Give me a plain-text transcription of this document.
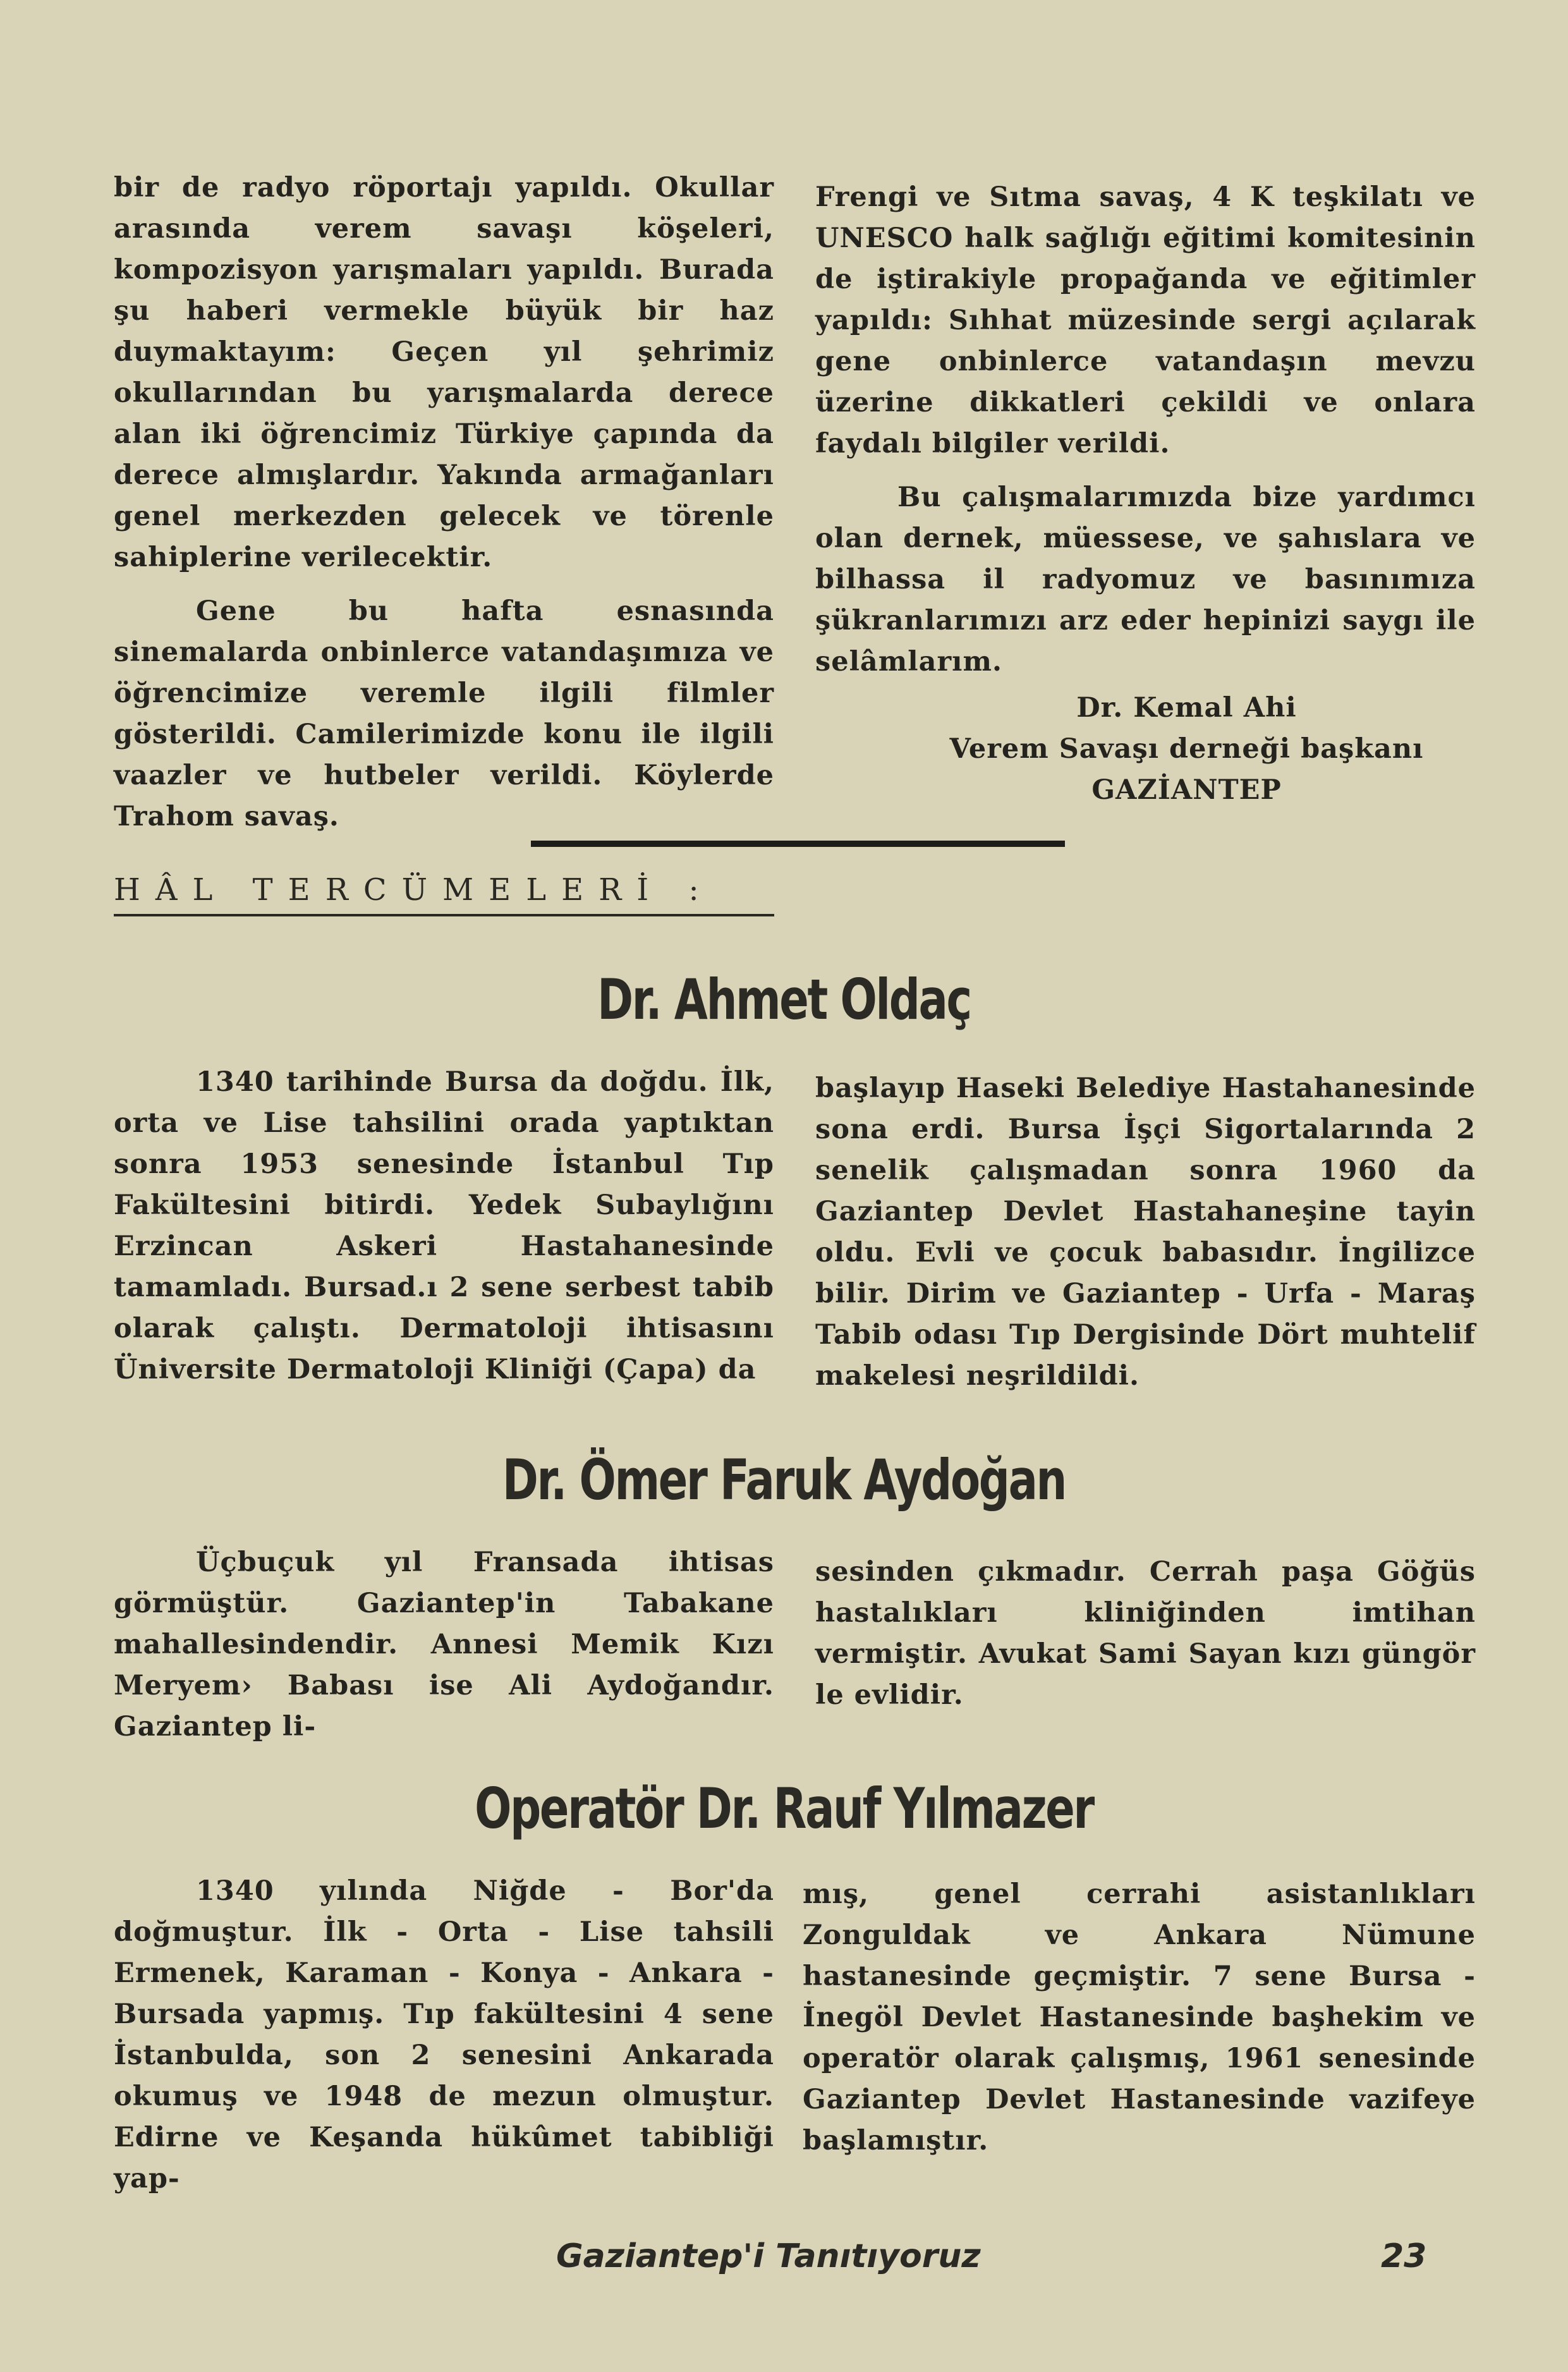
bir de radyo röportajı yapıldı. Okullar arasında verem savaşı köşeleri, kompozisyon yarışmaları yapıldı. Burada şu haberi vermekle büyük bir haz duymaktayım: Geçen yıl şehrimiz okullarından bu yarışmalarda derece alan iki öğrencimiz Türkiye çapında da derece almışlardır. Yakında armağanları genel merkezden gelecek ve törenle sahiplerine verilecektir.

Gene bu hafta esnasında sinemalarda onbinlerce vatandaşımıza ve öğrencimize veremle ilgili filmler gösterildi. Camilerimizde konu ile ilgili vaazler ve hutbeler verildi. Köylerde Trahom savaş.

Frengi ve Sıtma savaş, 4 K teşkilatı ve UNESCO halk sağlığı eğitimi komitesinin de iştirakiyle propağanda ve eğitimler yapıldı: Sıhhat müzesinde sergi açılarak gene onbinlerce vatandaşın mevzu üzerine dikkatleri çekildi ve onlara faydalı bilgiler verildi.

Bu çalışmalarımızda bize yardımcı olan dernek, müessese, ve şahıslara ve bilhassa il radyomuz ve basınımıza şükranlarımızı arz eder hepinizi saygı ile selâmlarım.

Dr. Kemal Ahi
Verem Savaşı derneği başkanı
GAZİANTEP
HÂL TERCÜMELERİ :
Dr. Ahmet Oldaç

1340 tarihinde Bursa da doğdu. İlk, orta ve Lise tahsilini orada yaptıktan sonra 1953 senesinde İstanbul Tıp Fakültesini bitirdi. Yedek Subaylığını Erzincan Askeri Hastahanesinde tamamladı. Bursad.ı 2 sene serbest tabib olarak çalıştı. Dermatoloji ihtisasını Üniversite Dermatoloji Kliniği (Çapa) da

başlayıp Haseki Belediye Hastahanesinde sona erdi. Bursa İşçi Sigortalarında 2 senelik çalışmadan sonra 1960 da Gaziantep Devlet Hastahaneşine tayin oldu. Evli ve çocuk babasıdır. İngilizce bilir. Dirim ve Gaziantep - Urfa - Maraş Tabib odası Tıp Dergisinde Dört muhtelif makelesi neşrildildi.

Dr. Ömer Faruk Aydoğan

Üçbuçuk yıl Fransada ihtisas görmüştür. Gaziantep'in Tabakane mahallesindendir. Annesi Memik Kızı Meryem› Babası ise Ali Aydoğandır. Gaziantep li-

sesinden çıkmadır. Cerrah paşa Göğüs hastalıkları kliniğinden imtihan vermiştir. Avukat Sami Sayan kızı güngör le evlidir.

Operatör Dr. Rauf Yılmazer

1340 yılında Niğde - Bor'da doğmuştur. İlk - Orta - Lise tahsili Ermenek, Karaman - Konya - Ankara - Bursada yapmış. Tıp fakültesini 4 sene İstanbulda, son 2 senesini Ankarada okumuş ve 1948 de mezun olmuştur. Edirne ve Keşanda hükûmet tabibliği yap-

mış, genel cerrahi asistanlıkları Zonguldak ve Ankara Nümune hastanesinde geçmiştir. 7 sene Bursa - İnegöl Devlet Hastanesinde başhekim ve operatör olarak çalışmış, 1961 senesinde Gaziantep Devlet Hastanesinde vazifeye başlamıştır.

Gaziantep'i Tanıtıyoruz	23
